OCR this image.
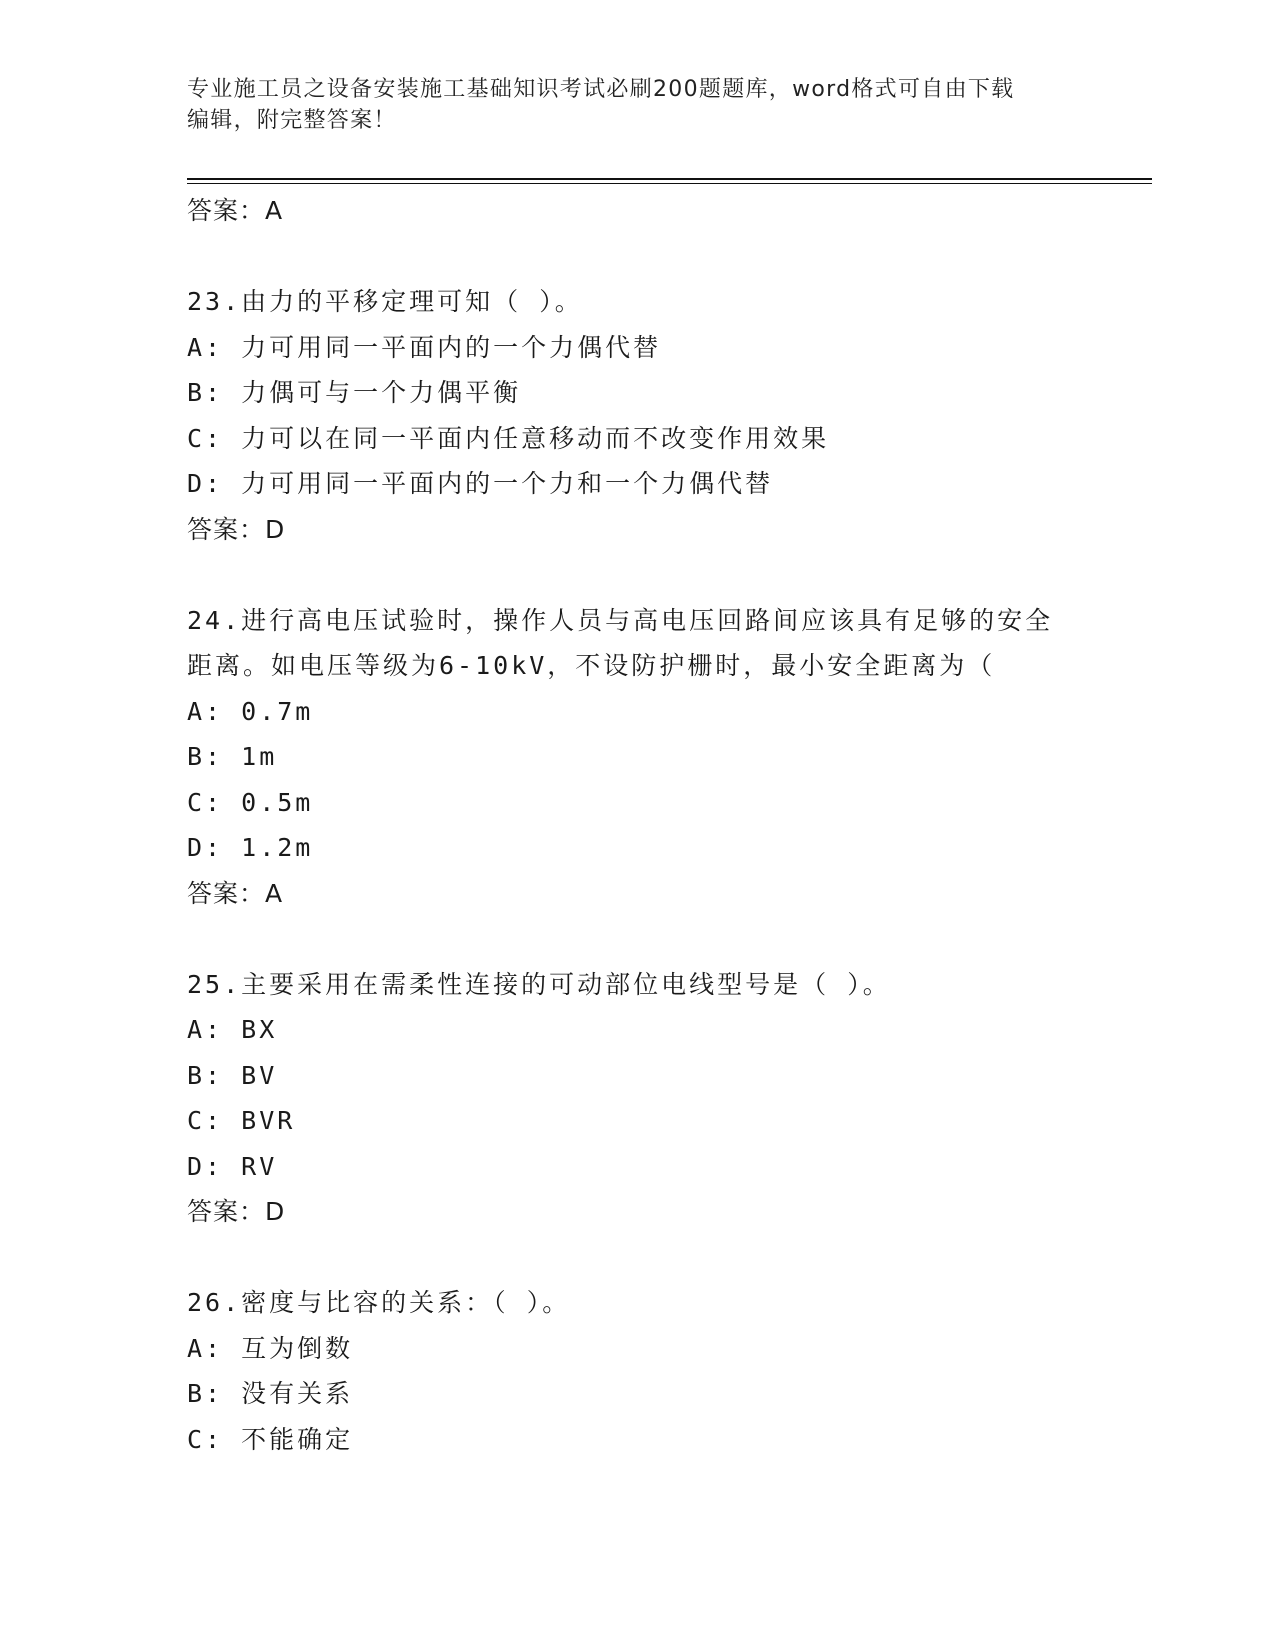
专业施工员之设备安装施工基础知识考试必刷200题题库，word格式可自由下载
编辑，附完整答案！
答案：A
23.由力的平移定理可知（ ）。
A: 力可用同一平面内的一个力偶代替
B: 力偶可与一个力偶平衡
C: 力可以在同一平面内任意移动而不改变作用效果
D: 力可用同一平面内的一个力和一个力偶代替
答案：D
24.进行高电压试验时，操作人员与高电压回路间应该具有足够的安全
距离。如电压等级为6-10kV，不设防护栅时，最小安全距离为（
A: 0.7m
B: 1m
C: 0.5m
D: 1.2m
答案：A
25.主要采用在需柔性连接的可动部位电线型号是（ ）。
A: BX
B: BV
C: BVR
D: RV
答案：D
26.密度与比容的关系：（ ）。
A: 互为倒数
B: 没有关系
C: 不能确定
